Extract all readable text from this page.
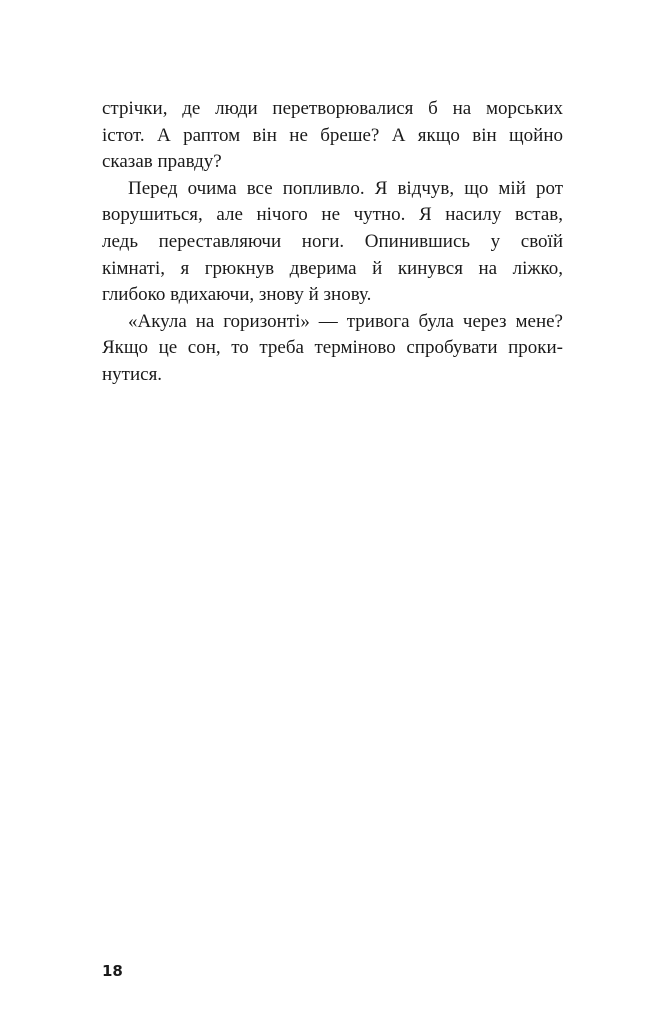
стрічки, де люди перетворювалися б на морських
істот. А раптом він не бреше? А якщо він щойно
сказав правду?
Перед очима все попливло. Я відчув, що мій рот
ворушиться, але нічого не чутно. Я насилу встав,
ледь переставляючи ноги. Опинившись у своїй
кімнаті, я грюкнув дверима й кинувся на ліжко,
глибоко вдихаючи, знову й знову.
«Акула на горизонті» — тривога була через мене?
Якщо це сон, то треба терміново спробувати проки-
нутися.
18
